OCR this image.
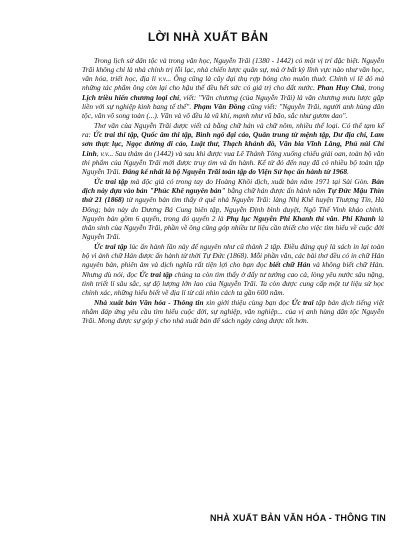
LỜI NHÀ XUẤT BẢN

Trong lịch sử dân tộc và trong văn học, Nguyễn Trãi (1380 - 1442) có một vị trí đặc biệt. Nguyễn Trãi không chỉ là nhà chính trị lỗi lạc, nhà chiến lược quân sự, mà ở bất kỳ lĩnh vực nào như văn học, văn hóa, triết học, địa lí v.v... Ông cũng là cây đại thụ rợp bóng cho muôn thuở. Chính vì lẽ đó mà những tác phẩm ông còn lại cho hậu thế đều hết sức có giá trị cho đất nước. Phan Huy Chú, trong Lịch triều hiến chương loại chí, viết: "Văn chương (của Nguyễn Trãi) là văn chương mưu lược gặp liền với sự nghiệp kinh bang tế thế". Phạm Văn Đồng cũng viết: "Nguyễn Trãi, người anh hùng dân tộc, văn võ song toàn (...). Văn và võ đều là vũ khí, mạnh như vũ bão, sắc như gươm dao".

Thơ văn của Nguyễn Trãi được viết cả bằng chữ hán và chữ nôm, nhiều thể loại. Có thể tạm kể ra: Ức trai thi tập, Quốc âm thi tập, Bình ngô đại cáo, Quân trung từ mệnh tập, Dư địa chí, Lam sơn thực lục, Ngọc đường di cảo, Luật thư, Thạch khánh đồ, Văn bia Vĩnh Lăng, Phú núi Chí Linh, v.v... Sau thảm án (1442) và sau khi được vua Lê Thánh Tông xuống chiếu giải oan, toàn bộ văn thi phẩm của Nguyễn Trãi mới được truy tìm và ấn hành. Kể từ đó đến nay đã có nhiều bộ toàn tập Nguyễn Trãi. Đáng kể nhất là bộ Nguyễn Trãi toàn tập do Viện Sử học ấn hành từ 1968.

Ức trai tập mà độc giả có trong tay do Hoàng Khôi dịch, xuất bản năm 1971 tại Sài Gòn. Bản dịch này dựa vào bản "Phúc Khê nguyên bản" bằng chữ hán được ấn hành năm Tự Đức Mậu Thìn thứ 21 (1868) từ nguyên bản tìm thấy ở quê nhà Nguyễn Trãi: làng Nhị Khê huyện Thượng Tín, Hà Đông; bản này do Dương Bá Cung biên tập, Nguyễn Định bình duyệt, Ngô Thế Vinh khảo chính. Nguyên bản gồm 6 quyển, trong đó quyển 2 là Phụ lục Nguyễn Phi Khanh thi văn. Phi Khanh là thân sinh của Nguyễn Trãi, phần về ông cũng góp nhiều tư liệu cần thiết cho việc tìm hiểu về cuộc đời Nguyễn Trãi.

Ức trai tập lúc ấn hành lần này để nguyên như cũ thành 2 tập. Điều đáng quý là sách in lại toàn bộ vì ảnh chữ Hán được ấn hành từ thời Tự Đức (1868). Mỗi phần văn, các bài thơ đều có in chữ Hán nguyên bản, phiên âm và dịch nghĩa rất tiện lợi cho bạn đọc biết chữ Hán và không biết chữ Hán. Nhưng dù nói, đọc Ức trai tập chúng ta còn tìm thấy ở đấy tư tưởng cao cả, lòng yêu nước sâu nặng, tình triết lí sâu sắc, sự độ lượng lớn lao của Nguyễn Trãi. Ta còn được cung cấp một tư liệu sử học chính xác, những hiểu biết về địa lí từ cái nhìn cách ta gần 600 năm.

Nhà xuất bản Văn hóa - Thông tin xin giới thiệu cùng bạn đọc Ức trai tập bản dịch tiếng việt nhằm đáp ứng yêu cầu tìm hiểu cuộc đời, sự nghiệp, văn nghiệp... của vị anh hùng dân tộc Nguyễn Trãi. Mong được sự góp ý cho nhà xuất bản để sách ngày càng được tốt hơn.

NHÀ XUẤT BẢN VĂN HÓA - THÔNG TIN
